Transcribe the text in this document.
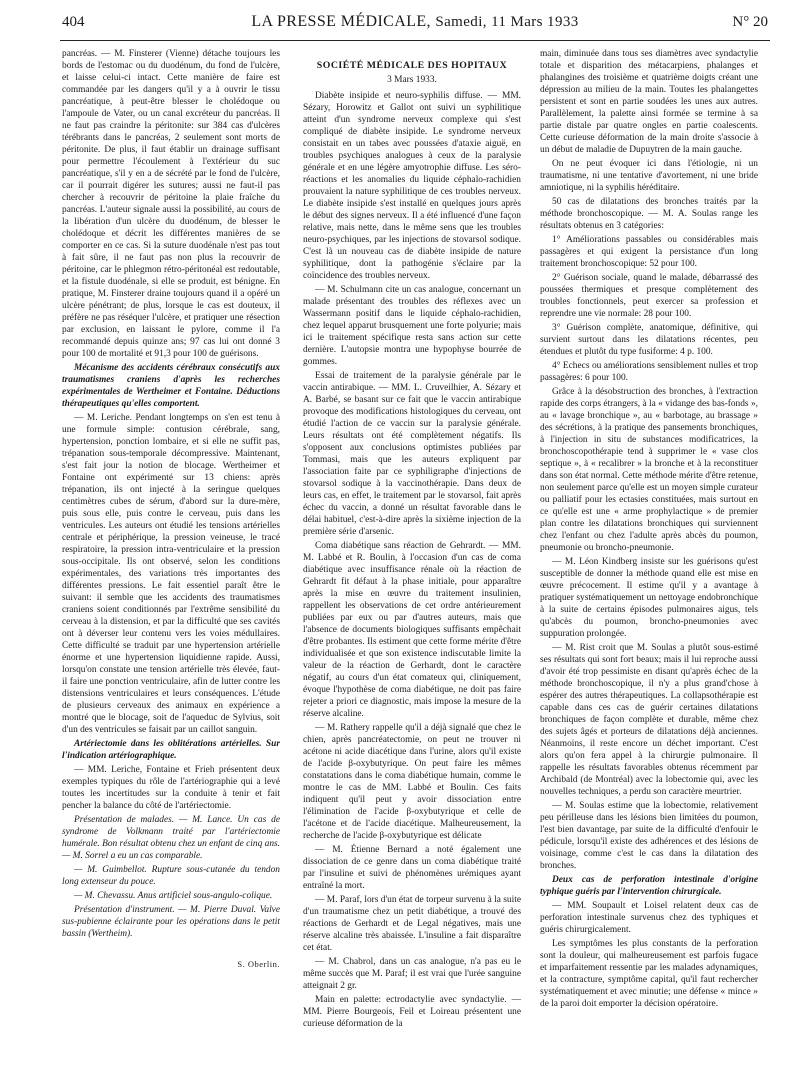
404	LA PRESSE MÉDICALE, Samedi, 11 Mars 1933	N° 20

pancréas. — M. Finsterer (Vienne) détache toujours les bords de l'estomac ou du duodénum, du fond de l'ulcère, et laisse celui-ci intact. Cette manière de faire est commandée par les dangers qu'il y a à ouvrir le tissu pancréatique, à peut-être blesser le cholédoque ou l'ampoule de Vater, ou un canal excréteur du pancréas. Il ne faut pas craindre la péritonite: sur 384 cas d'ulcères térébrants dans le pancréas, 2 seulement sont morts de péritonite. De plus, il faut établir un drainage suffisant pour permettre l'écoulement à l'extérieur du suc pancréatique, s'il y en a de sécrété par le fond de l'ulcère, car il pourrait digérer les sutures; aussi ne faut-il pas chercher à recouvrir de péritoine la plaie fraîche du pancréas. L'auteur signale aussi la possibilité, au cours de la libération d'un ulcère du duodénum, de blesser le cholédoque et décrit les différentes manières de se comporter en ce cas. Si la suture duodénale n'est pas tout à fait sûre, il ne faut pas non plus la recouvrir de péritoine, car le phlegmon rétro-péritonéal est redoutable, et la fistule duodénale, si elle se produit, est bénigne. En pratique, M. Finsterer draine toujours quand il a opéré un ulcère pénétrant; de plus, lorsque le cas est douteux, il préfère ne pas réséquer l'ulcère, et pratiquer une résection par exclusion, en laissant le pylore, comme il l'a recommandé depuis quinze ans; 97 cas lui ont donné 3 pour 100 de mortalité et 91,3 pour 100 de guérisons.

Mécanisme des accidents cérébraux consécutifs aux traumatismes craniens d'après les recherches expérimentales de Wertheimer et Fontaine. Déductions thérapeutiques qu'elles comportent.

— M. Leriche. Pendant longtemps on s'en est tenu à une formule simple: contusion cérébrale, sang, hypertension, ponction lombaire, et si elle ne suffit pas, trépanation sous-temporale décompressive. Maintenant, s'est fait jour la notion de blocage. Wertheimer et Fontaine ont expérimenté sur 13 chiens: après trépanation, ils ont injecté à la seringue quelques centimètres cubes de sérum, d'abord sur la dure-mère, puis sous elle, puis contre le cerveau, puis dans les ventricules. Les auteurs ont étudié les tensions artérielles centrale et périphérique, la pression veineuse, le tracé respiratoire, la pression intra-ventriculaire et la pression sous-occipitale. Ils ont observé, selon les conditions expérimentales, des variations très importantes des différentes pressions. Le fait essentiel paraît être le suivant: il semble que les accidents des traumatismes craniens soient conditionnés par l'extrême sensibilité du cerveau à la distension, et par la difficulté que ses cavités ont à déverser leur contenu vers les voies médullaires. Cette difficulté se traduit par une hypertension artérielle énorme et une hypertension liquidienne rapide. Aussi, lorsqu'on constate une tension artérielle très élevée, faut-il faire une ponction ventriculaire, afin de lutter contre les distensions ventriculaires et leurs conséquences. L'étude de plusieurs cerveaux des animaux en expérience a montré que le blocage, soit de l'aqueduc de Sylvius, soit d'un des ventricules se faisait par un caillot sanguin.

Artériectomie dans les oblitérations artérielles. Sur l'indication artériographique.

— MM. Leriche, Fontaine et Frieh présentent deux exemples typiques du rôle de l'artériographie qui a levé toutes les incertitudes sur la conduite à tenir et fait pencher la balance du côté de l'artériectomie.

Présentation de malades. — M. Lance. Un cas de syndrome de Volkmann traité par l'artériectomie humérale. Bon résultat obtenu chez un enfant de cinq ans. — M. Sorrel a eu un cas comparable.

— M. Guimbellot. Rupture sous-cutanée du tendon long extenseur du pouce.

— M. Chevassu. Anus artificiel sous-angulo-colique.

Présentation d'instrument. — M. Pierre Duval. Valve sus-pubienne éclairante pour les opérations dans le petit bassin (Wertheim).

S. Oberlin.
SOCIÉTÉ MÉDICALE DES HOPITAUX
3 Mars 1933.

Diabète insipide et neuro-syphilis diffuse. — MM. Sézary, Horowitz et Gallot ont suivi un syphilitique atteint d'un syndrome nerveux complexe qui s'est compliqué de diabète insipide. Le syndrome nerveux consistait en un tabes avec poussées d'ataxie aiguë, en troubles psychiques analogues à ceux de la paralysie générale et en une légère amyotrophie diffuse. Les séro-réactions et les anomalies du liquide céphalo-rachidien prouvaient la nature syphilitique de ces troubles nerveux. Le diabète insipide s'est installé en quelques jours après le début des signes nerveux. Il a été influencé d'une façon relative, mais nette, dans le même sens que les troubles neuro-psychiques, par les injections de stovarsol sodique. C'est là un nouveau cas de diabète insipide de nature syphilitique, dont la pathogénie s'éclaire par la coïncidence des troubles nerveux.

— M. Schulmann cite un cas analogue, concernant un malade présentant des troubles des réflexes avec un Wassermann positif dans le liquide céphalo-rachidien, chez lequel apparut brusquement une forte polyurie; mais ici le traitement spécifique resta sans action sur cette dernière. L'autopsie montra une hypophyse bourrée de gommes.

Essai de traitement de la paralysie générale par le vaccin antirabique. — MM. L. Cruveilhier, A. Sézary et A. Barbé, se basant sur ce fait que le vaccin antirabique provoque des modifications histologiques du cerveau, ont étudié l'action de ce vaccin sur la paralysie générale. Leurs résultats ont été complètement négatifs. Ils s'opposent aux conclusions optimistes publiées par Tommasi, mais que les auteurs expliquent par l'association faite par ce syphiligraphe d'injections de stovarsol sodique à la vaccinothérapie. Dans deux de leurs cas, en effet, le traitement par le stovarsol, fait après échec du vaccin, a donné un résultat favorable dans le délai habituel, c'est-à-dire après la sixième injection de la première série d'arsenic.

Coma diabétique sans réaction de Gehrardt. — MM. M. Labbé et R. Boulin, à l'occasion d'un cas de coma diabétique avec insuffisance rénale où la réaction de Gehrardt fit défaut à la phase initiale, pour apparaître après la mise en œuvre du traitement insulinien, rappellent les observations de cet ordre antérieurement publiées par eux ou par d'autres auteurs, mais que l'absence de documents biologiques suffisants empêchait d'être probantes. Ils estiment que cette forme mérite d'être individualisée et que son existence indiscutable limite la valeur de la réaction de Gerhardt, dont le caractère négatif, au cours d'un état comateux qui, cliniquement, évoque l'hypothèse de coma diabétique, ne doit pas faire rejeter a priori ce diagnostic, mais impose la mesure de la réserve alcaline.

— M. Rathery rappelle qu'il a déjà signalé que chez le chien, après pancréatectomie, on peut ne trouver ni acétone ni acide diacétique dans l'urine, alors qu'il existe de l'acide β-oxybutyrique. On peut faire les mêmes constatations dans le coma diabétique humain, comme le montre le cas de MM. Labbé et Boulin. Ces faits indiquent qu'il peut y avoir dissociation entre l'élimination de l'acide β-oxybutyrique et celle de l'acétone et de l'acide diacétique. Malheureusement, la recherche de l'acide β-oxybutyrique est délicate

— M. Étienne Bernard a noté également une dissociation de ce genre dans un coma diabétique traité par l'insuline et suivi de phénomènes urémiques ayant entraîné la mort.

— M. Paraf, lors d'un état de torpeur survenu à la suite d'un traumatisme chez un petit diabétique, a trouvé des réactions de Gerhardt et de Legal négatives, mais une réserve alcaline très abaissée. L'insuline a fait disparaître cet état.

— M. Chabrol, dans un cas analogue, n'a pas eu le même succès que M. Paraf; il est vrai que l'urée sanguine atteignait 2 gr.

Main en palette: ectrodactylie avec syndactylie. — MM. Pierre Bourgeois, Feil et Loireau présentent une curieuse déformation de la

main, diminuée dans tous ses diamètres avec syndactylie totale et disparition des métacarpiens, phalanges et phalangines des troisième et quatrième doigts créant une dépression au milieu de la main. Toutes les phalangettes persistent et sont en partie soudées les unes aux autres. Parallèlement, la palette ainsi formée se termine à sa partie distale par quatre ongles en partie coalescents. Cette curieuse déformation de la main droite s'associe à un début de maladie de Dupuytren de la main gauche.

On ne peut évoquer ici dans l'étiologie, ni un traumatisme, ni une tentative d'avortement, ni une bride amniotique, ni la syphilis héréditaire.

50 cas de dilatations des bronches traités par la méthode bronchoscopique. — M. A. Soulas range les résultats obtenus en 3 catégories:

1° Améliorations passables ou considérables mais passagères et qui exigent la persistance d'un long traitement bronchoscopique: 52 pour 100.

2° Guérison sociale, quand le malade, débarrassé des poussées thermiques et presque complètement des troubles fonctionnels, peut exercer sa profession et reprendre une vie normale: 28 pour 100.

3° Guérison complète, anatomique, définitive, qui survient surtout dans les dilatations récentes, peu étendues et plutôt du type fusiforme: 4 p. 100.

4° Echecs ou améliorations sensiblement nulles et trop passagères: 6 pour 100.

Grâce à la désobstruction des bronches, à l'extraction rapide des corps étrangers, à la « vidange des bas-fonds », au « lavage bronchique », au « barbotage, au brassage » des sécrétions, à la pratique des pansements bronchiques, à l'injection in situ de substances modificatrices, la bronchoscopothérapie tend à supprimer le « vase clos septique », à « recalibrer » la bronche et à la reconstituer dans son état normal. Cette méthode mérite d'être retenue, non seulement parce qu'elle est un moyen simple curateur ou palliatif pour les ectasies constituées, mais surtout en ce qu'elle est une « arme prophylactique » de premier plan contre les dilatations bronchiques qui surviennent chez l'enfant ou chez l'adulte après abcès du poumon, pneumonie ou broncho-pneumonie.

— M. Léon Kindberg insiste sur les guérisons qu'est susceptible de donner la méthode quand elle est mise en œuvre précocement. Il estime qu'il y a avantage à pratiquer systématiquement un nettoyage endobronchique à la suite de certains épisodes pulmonaires aigus, tels qu'abcès du poumon, broncho-pneumonies avec suppuration prolongée.

— M. Rist croit que M. Soulas a plutôt sous-estimé ses résultats qui sont fort beaux; mais il lui reproche aussi d'avoir été trop pessimiste en disant qu'après échec de la méthode bronchoscopique, il n'y a plus grand'chose à espérer des autres thérapeutiques. La collapsothérapie est capable dans ces cas de guérir certaines dilatations bronchiques de façon complète et durable, même chez des sujets âgés et porteurs de dilatations déjà anciennes. Néanmoins, il reste encore un déchet important. C'est alors qu'on fera appel à la chirurgie pulmonaire. Il rappelle les résultats favorables obtenus récemment par Archibald (de Montréal) avec la lobectomie qui, avec les nouvelles techniques, a perdu son caractère meurtrier.

— M. Soulas estime que la lobectomie, relativement peu périlleuse dans les lésions bien limitées du poumon, l'est bien davantage, par suite de la difficulté d'enfouir le pédicule, lorsqu'il existe des adhérences et des lésions de voisinage, comme c'est le cas dans la dilatation des bronches.

Deux cas de perforation intestinale d'origine typhique guéris par l'intervention chirurgicale.

— MM. Soupault et Loisel relatent deux cas de perforation intestinale survenus chez des typhiques et guéris chirurgicalement.

Les symptômes les plus constants de la perforation sont la douleur, qui malheureusement est parfois fugace et imparfaitement ressentie par les malades adynamiques, et la contracture, symptôme capital, qu'il faut rechercher systématiquement et avec minutie; une défense « mince » de la paroi doit emporter la décision opératoire.
